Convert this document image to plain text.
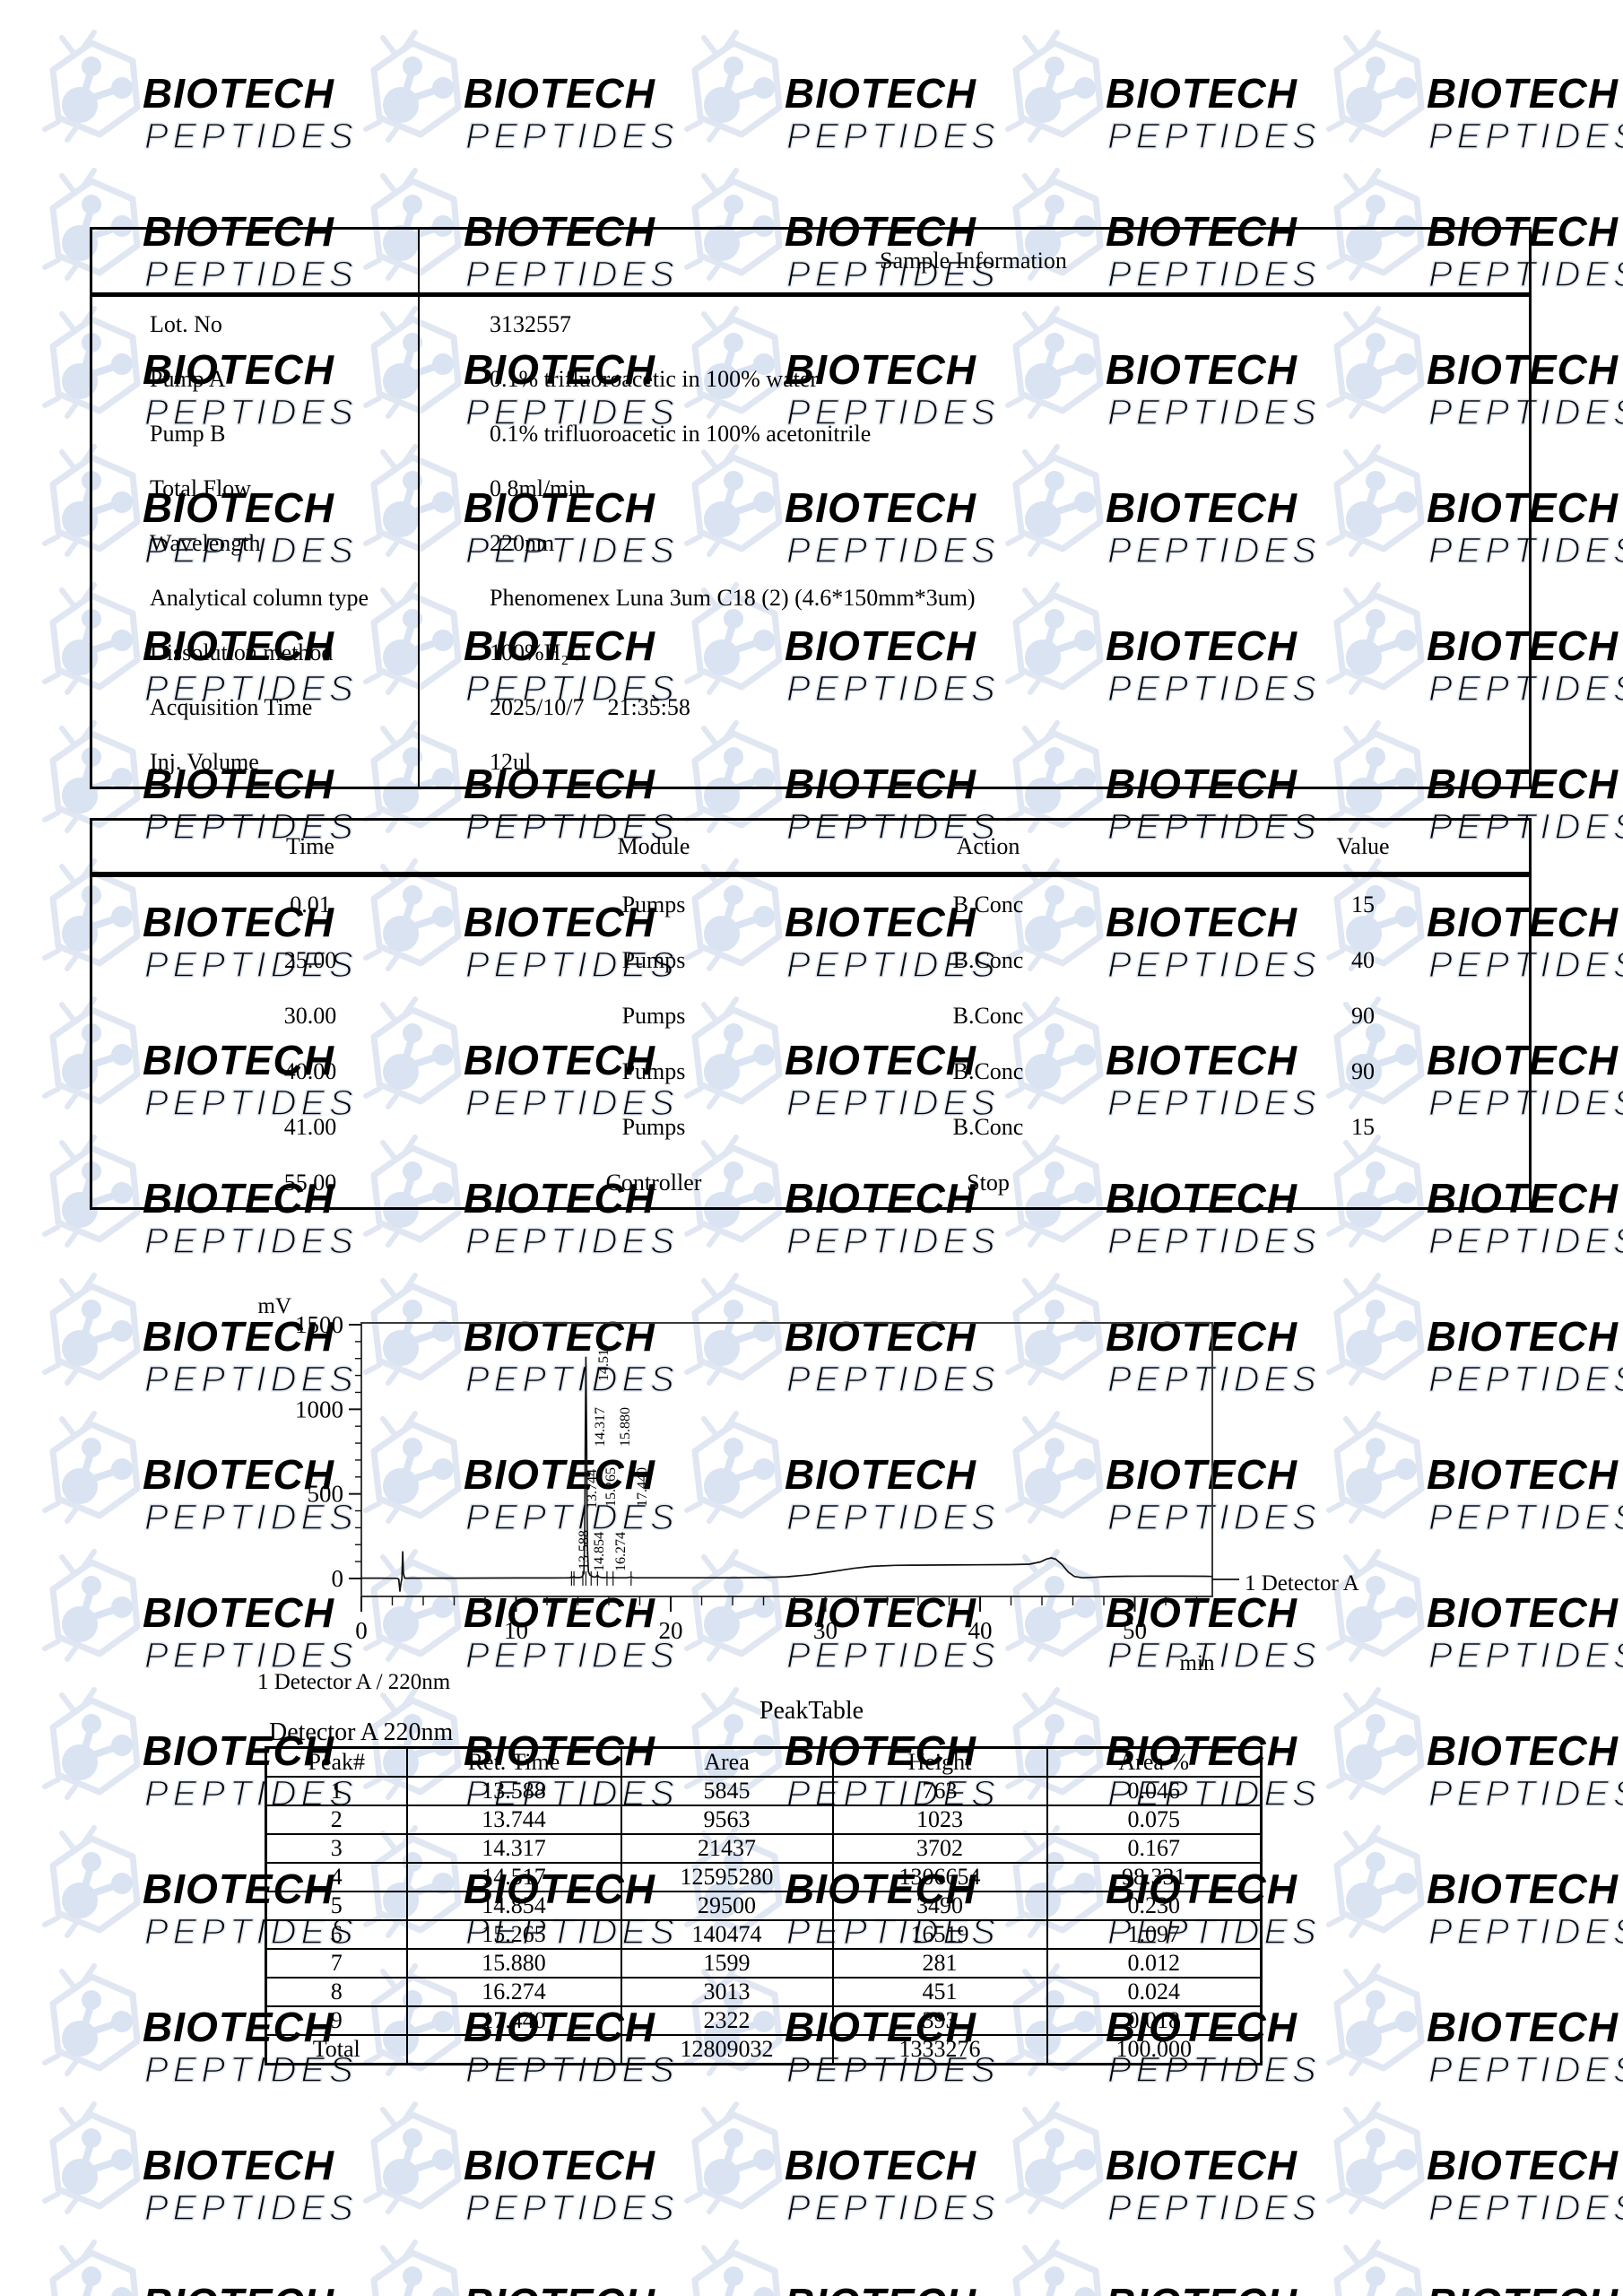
BIOTECH
Sample Information
Lot. No	3132557
Pump A	0.1% trifluoroacetic in 100% water
Pump B	0.1% trifluoroacetic in 100% acetonitrile
Total Flow	0.8ml/min
Wavelength	220nm
Analytical column type	Phenomenex Luna 3um C18 (2) (4.6*150mm*3um)
Dissolution method	100%H₂O
Acquisition Time	2025/10/7    21:35:58
Inj. Volume	12ul
Time	Module	Action	Value
0.01	Pumps	B.Conc	15
25.00	Pumps	B.Conc	40
30.00	Pumps	B.Conc	90
40.00	Pumps	B.Conc	90
41.00	Pumps	B.Conc	15
55.00	Controller	Stop
mV
min
0
500
1000
1500
0	10	20	30	40	50
13.588
13.744
14.317
14.517
14.854
15.265
15.880
16.274
17.440
1 Detector A
1 Detector A / 220nm
PeakTable
Detector A 220nm
Peak#	Ret. Time	Area	Height	Area %
1	13.588	5845	763	0.046
2	13.744	9563	1023	0.075
3	14.317	21437	3702	0.167
4	14.517	12595280	1306654	98.331
5	14.854	29500	3490	0.230
6	15.265	140474	16519	1.097
7	15.880	1599	281	0.012
8	16.274	3013	451	0.024
9	17.440	2322	393	0.018
Total		12809032	1333276	100.000
